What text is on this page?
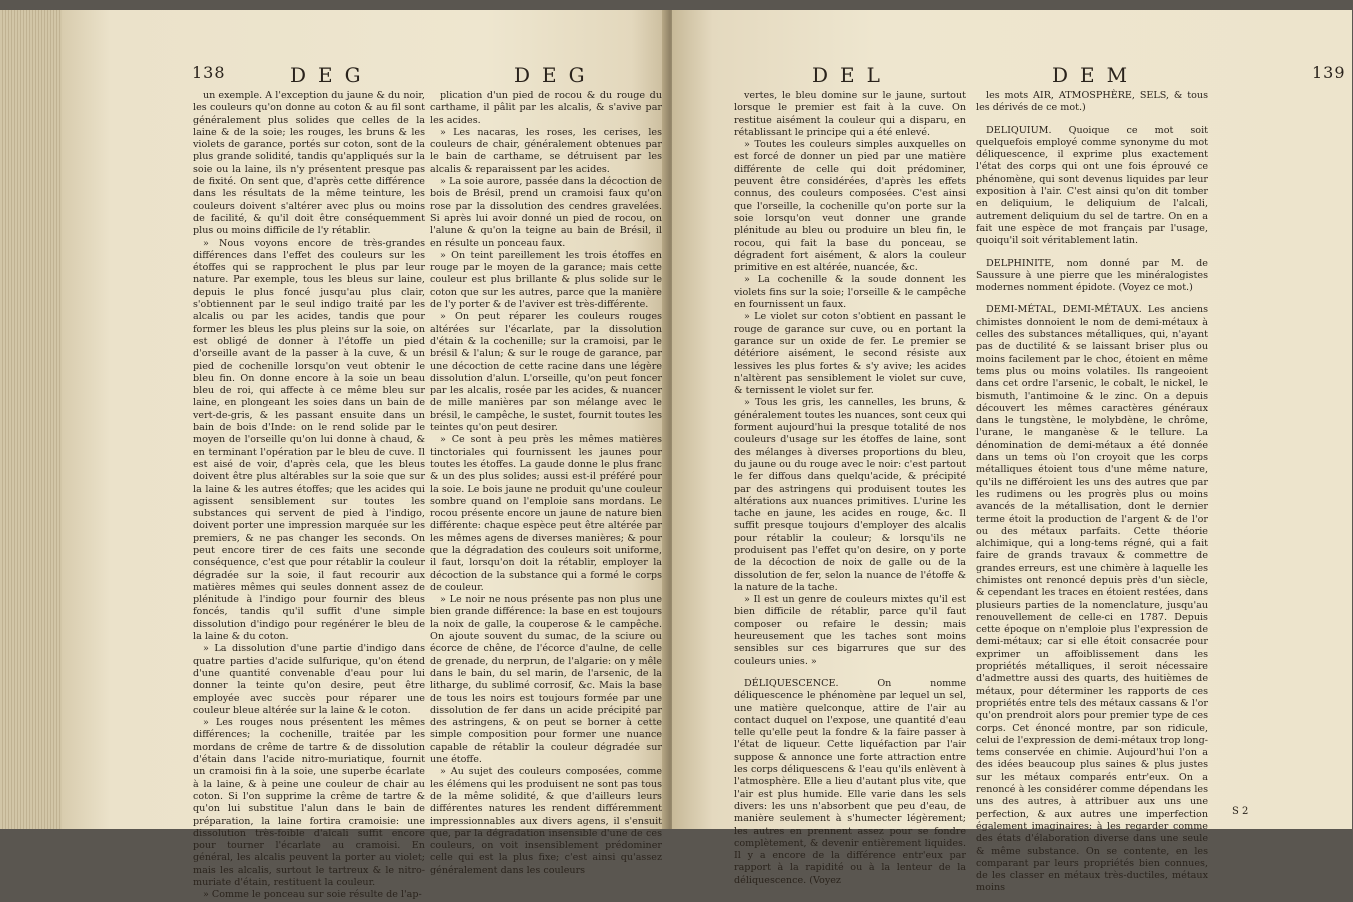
138	DEG	DEG

un exemple. A l'exception du jaune & du noir, les couleurs qu'on donne au coton & au fil sont généralement plus solides que celles de la laine & de la soie; les rouges, les bruns & les violets de garance, portés sur coton, sont de la plus grande solidité, tandis qu'appliqués sur la soie ou la laine, ils n'y présentent presque pas de fixité. On sent que, d'après cette différence dans les résultats de la même teinture, les couleurs doivent s'altérer avec plus ou moins de facilité, & qu'il doit être conséquemment plus ou moins difficile de l'y rétablir.

» Nous voyons encore de très-grandes différences dans l'effet des couleurs sur les étoffes qui se rapprochent le plus par leur nature. Par exemple, tous les bleus sur laine, depuis le plus foncé jusqu'au plus clair, s'obtiennent par le seul indigo traité par les alcalis ou par les acides, tandis que pour former les bleus les plus pleins sur la soie, on est obligé de donner à l'étoffe un pied d'orseille avant de la passer à la cuve, & un pied de cochenille lorsqu'on veut obtenir le bleu fin. On donne encore à la soie un beau bleu de roi, qui affecte à ce même bleu sur laine, en plongeant les soies dans un bain de vert-de-gris, & les passant ensuite dans un bain de bois d'Inde: on le rend solide par le moyen de l'orseille qu'on lui donne à chaud, & en terminant l'opération par le bleu de cuve. Il est aisé de voir, d'après cela, que les bleus doivent être plus altérables sur la soie que sur la laine & les autres étoffes; que les acides qui agissent sensiblement sur toutes les substances qui servent de pied à l'indigo, doivent porter une impression marquée sur les premiers, & ne pas changer les seconds. On peut encore tirer de ces faits une seconde conséquence, c'est que pour rétablir la couleur dégradée sur la soie, il faut recourir aux matières mêmes qui seules donnent assez de plénitude à l'indigo pour fournir des bleus foncés, tandis qu'il suffit d'une simple dissolution d'indigo pour regénérer le bleu de la laine & du coton.

» La dissolution d'une partie d'indigo dans quatre parties d'acide sulfurique, qu'on étend d'une quantité convenable d'eau pour lui donner la teinte qu'on desire, peut être employée avec succès pour réparer une couleur bleue altérée sur la laine & le coton.

» Les rouges nous présentent les mêmes différences; la cochenille, traitée par les mordans de crême de tartre & de dissolution d'étain dans l'acide nitro-muriatique, fournit un cramoisi fin à la soie, une superbe écarlate à la laine, & à peine une couleur de chair au coton. Si l'on supprime la crême de tartre & qu'on lui substitue l'alun dans le bain de préparation, la laine fortira cramoisie: une dissolution très-foible d'alcali suffit encore pour tourner l'écarlate au cramoisi. En général, les alcalis peuvent la porter au violet; mais les alcalis, surtout le tartreux & le nitro-muriate d'étain, restituent la couleur.

» Comme le ponceau sur soie résulte de l'ap-

plication d'un pied de rocou & du rouge du carthame, il pâlit par les alcalis, & s'avive par les acides.

» Les nacaras, les roses, les cerises, les couleurs de chair, généralement obtenues par le bain de carthame, se détruisent par les alcalis & reparaissent par les acides.

» La soie aurore, passée dans la décoction de bois de Brésil, prend un cramoisi faux qu'on rose par la dissolution des cendres gravelées. Si après lui avoir donné un pied de rocou, on l'alune & qu'on la teigne au bain de Brésil, il en résulte un ponceau faux.

» On teint pareillement les trois étoffes en rouge par le moyen de la garance; mais cette couleur est plus brillante & plus solide sur le coton que sur les autres, parce que la manière de l'y porter & de l'aviver est très-différente.

» On peut réparer les couleurs rouges altérées sur l'écarlate, par la dissolution d'étain & la cochenille; sur la cramoisi, par le brésil & l'alun; & sur le rouge de garance, par une décoction de cette racine dans une légère dissolution d'alun. L'orseille, qu'on peut foncer par les alcalis, rosée par les acides, & nuancer de mille manières par son mélange avec le brésil, le campêche, le sustet, fournit toutes les teintes qu'on peut desirer.

» Ce sont à peu près les mêmes matières tinctoriales qui fournissent les jaunes pour toutes les étoffes. La gaude donne le plus franc & un des plus solides; aussi est-il préféré pour la soie. Le bois jaune ne produit qu'une couleur sombre quand on l'emploie sans mordans. Le rocou présente encore un jaune de nature bien différente: chaque espèce peut être altérée par les mêmes agens de diverses manières; & pour que la dégradation des couleurs soit uniforme, il faut, lorsqu'on doit la rétablir, employer la décoction de la substance qui a formé le corps de couleur.

» Le noir ne nous présente pas non plus une bien grande différence: la base en est toujours la noix de galle, la couperose & le campêche. On ajoute souvent du sumac, de la sciure ou écorce de chêne, de l'écorce d'aulne, de celle de grenade, du nerprun, de l'algarie: on y mêle dans le bain, du sel marin, de l'arsenic, de la litharge, du sublimé corrosif, &c. Mais la base de tous les noirs est toujours formée par une dissolution de fer dans un acide précipité par des astringens, & on peut se borner à cette simple composition pour former une nuance capable de rétablir la couleur dégradée sur une étoffe.

» Au sujet des couleurs composées, comme les élémens qui les produisent ne sont pas tous de la même solidité, & que d'ailleurs leurs différentes natures les rendent différemment impressionnables aux divers agens, il s'ensuit que, par la dégradation insensible d'une de ces couleurs, on voit insensiblement prédominer celle qui est la plus fixe; c'est ainsi qu'assez généralement dans les couleurs

DEL	DEM	139

vertes, le bleu domine sur le jaune, surtout lorsque le premier est fait à la cuve. On restitue aisément la couleur qui a disparu, en rétablissant le principe qui a été enlevé.

» Toutes les couleurs simples auxquelles on est forcé de donner un pied par une matière différente de celle qui doit prédominer, peuvent être considérées, d'après les effets connus, des couleurs composées. C'est ainsi que l'orseille, la cochenille qu'on porte sur la soie lorsqu'on veut donner une grande plénitude au bleu ou produire un bleu fin, le rocou, qui fait la base du ponceau, se dégradent fort aisément, & alors la couleur primitive en est altérée, nuancée, &c.

» La cochenille & la soude donnent les violets fins sur la soie; l'orseille & le campêche en fournissent un faux.

» Le violet sur coton s'obtient en passant le rouge de garance sur cuve, ou en portant la garance sur un oxide de fer. Le premier se détériore aisément, le second résiste aux lessives les plus fortes & s'y avive; les acides n'altèrent pas sensiblement le violet sur cuve, & ternissent le violet sur fer.

» Tous les gris, les cannelles, les bruns, & généralement toutes les nuances, sont ceux qui forment aujourd'hui la presque totalité de nos couleurs d'usage sur les étoffes de laine, sont des mélanges à diverses proportions du bleu, du jaune ou du rouge avec le noir: c'est partout le fer diffous dans quelqu'acide, & précipité par des astringens qui produisent toutes les altérations aux nuances primitives. L'urine les tache en jaune, les acides en rouge, &c. Il suffit presque toujours d'employer des alcalis pour rétablir la couleur; & lorsqu'ils ne produisent pas l'effet qu'on desire, on y porte de la décoction de noix de galle ou de la dissolution de fer, selon la nuance de l'étoffe & la nature de la tache.

» Il est un genre de couleurs mixtes qu'il est bien difficile de rétablir, parce qu'il faut composer ou refaire le dessin; mais heureusement que les taches sont moins sensibles sur ces bigarrures que sur des couleurs unies. »

DÉLIQUESCENCE. On nomme déliquescence le phénomène par lequel un sel, une matière quelconque, attire de l'air au contact duquel on l'expose, une quantité d'eau telle qu'elle peut la fondre & la faire passer à l'état de liqueur. Cette liquéfaction par l'air suppose & annonce une forte attraction entre les corps déliquescens & l'eau qu'ils enlèvent à l'atmosphère. Elle a lieu d'autant plus vite, que l'air est plus humide. Elle varie dans les sels divers: les uns n'absorbent que peu d'eau, de manière seulement à s'humecter légèrement; les autres en prennent assez pour se fondre complètement, & devenir entièrement liquides. Il y a encore de la différence entr'eux par rapport à la rapidité ou à la lenteur de la déliquescence. (Voyez

les mots AIR, ATMOSPHÈRE, SELS, & tous les dérivés de ce mot.)

DELIQUIUM. Quoique ce mot soit quelquefois employé comme synonyme du mot déliquescence, il exprime plus exactement l'état des corps qui ont une fois éprouvé ce phénomène, qui sont devenus liquides par leur exposition à l'air. C'est ainsi qu'on dit tomber en deliquium, le deliquium de l'alcali, autrement deliquium du sel de tartre. On en a fait une espèce de mot français par l'usage, quoiqu'il soit véritablement latin.

DELPHINITE, nom donné par M. de Saussure à une pierre que les minéralogistes modernes nomment épidote. (Voyez ce mot.)

DEMI-MÉTAL, DEMI-MÉTAUX. Les anciens chimistes donnoient le nom de demi-métaux à celles des substances métalliques, qui, n'ayant pas de ductilité & se laissant briser plus ou moins facilement par le choc, étoient en même tems plus ou moins volatiles. Ils rangeoient dans cet ordre l'arsenic, le cobalt, le nickel, le bismuth, l'antimoine & le zinc. On a depuis découvert les mêmes caractères généraux dans le tungstène, le molybdène, le chrôme, l'urane, le manganèse & le tellure. La dénomination de demi-métaux a été donnée dans un tems où l'on croyoit que les corps métalliques étoient tous d'une même nature, qu'ils ne différoient les uns des autres que par les rudimens ou les progrès plus ou moins avancés de la métallisation, dont le dernier terme étoit la production de l'argent & de l'or ou des métaux parfaits. Cette théorie alchimique, qui a long-tems régné, qui a fait faire de grands travaux & commettre de grandes erreurs, est une chimère à laquelle les chimistes ont renoncé depuis près d'un siècle, & cependant les traces en étoient restées, dans plusieurs parties de la nomenclature, jusqu'au renouvellement de celle-ci en 1787. Depuis cette époque on n'emploie plus l'expression de demi-métaux; car si elle étoit consacrée pour exprimer un affoiblissement dans les propriétés métalliques, il seroit nécessaire d'admettre aussi des quarts, des huitièmes de métaux, pour déterminer les rapports de ces propriétés entre tels des métaux cassans & l'or qu'on prendroit alors pour premier type de ces corps. Cet énoncé montre, par son ridicule, celui de l'expression de demi-métaux trop long-tems conservée en chimie. Aujourd'hui l'on a des idées beaucoup plus saines & plus justes sur les métaux comparés entr'eux. On a renoncé à les considérer comme dépendans les uns des autres, à attribuer aux uns une perfection, & aux autres une imperfection également imaginaires; à les regarder comme des états d'élaboration diverse dans une seule & même substance. On se contente, en les comparant par leurs propriétés bien connues, de les classer en métaux très-ductiles, métaux moins

S 2
